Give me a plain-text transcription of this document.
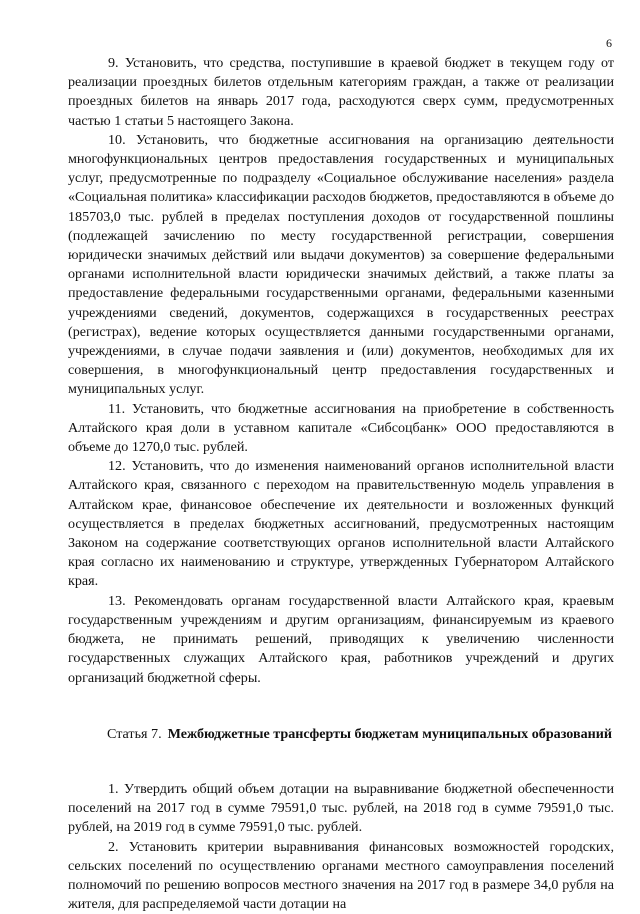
6

9. Установить, что средства, поступившие в краевой бюджет в текущем году от реализации проездных билетов отдельным категориям граждан, а также от реализации проездных билетов на январь 2017 года, расходуются сверх сумм, предусмотренных частью 1 статьи 5 настоящего Закона.

10. Установить, что бюджетные ассигнования на организацию деятельности многофункциональных центров предоставления государственных и муниципальных услуг, предусмотренные по подразделу «Социальное обслуживание населения» раздела «Социальная политика» классификации расходов бюджетов, предоставляются в объеме до 185703,0 тыс. рублей в пределах поступления доходов от государственной пошлины (подлежащей зачислению по месту государственной регистрации, совершения юридически значимых действий или выдачи документов) за совершение федеральными органами исполнительной власти юридически значимых действий, а также платы за предоставление федеральными государственными органами, федеральными казенными учреждениями сведений, документов, содержащихся в государственных реестрах (регистрах), ведение которых осуществляется данными государственными органами, учреждениями, в случае подачи заявления и (или) документов, необходимых для их совершения, в многофункциональный центр предоставления государственных и муниципальных услуг.

11. Установить, что бюджетные ассигнования на приобретение в собственность Алтайского края доли в уставном капитале «Сибсоцбанк» ООО предоставляются в объеме до 1270,0 тыс. рублей.

12. Установить, что до изменения наименований органов исполнительной власти Алтайского края, связанного с переходом на правительственную модель управления в Алтайском крае, финансовое обеспечение их деятельности и возложенных функций осуществляется в пределах бюджетных ассигнований, предусмотренных настоящим Законом на содержание соответствующих органов исполнительной власти Алтайского края согласно их наименованию и структуре, утвержденных Губернатором Алтайского края.

13. Рекомендовать органам государственной власти Алтайского края, краевым государственным учреждениям и другим организациям, финансируемым из краевого бюджета, не принимать решений, приводящих к увеличению численности государственных служащих Алтайского края, работников учреждений и других организаций бюджетной сферы.

Статья 7. Межбюджетные трансферты бюджетам муниципальных образований

1. Утвердить общий объем дотации на выравнивание бюджетной обеспеченности поселений на 2017 год в сумме 79591,0 тыс. рублей, на 2018 год в сумме 79591,0 тыс. рублей, на 2019 год в сумме 79591,0 тыс. рублей.

2. Установить критерии выравнивания финансовых возможностей городских, сельских поселений по осуществлению органами местного самоуправления поселений полномочий по решению вопросов местного значения на 2017 год в размере 34,0 рубля на жителя, для распределяемой части дотации на
